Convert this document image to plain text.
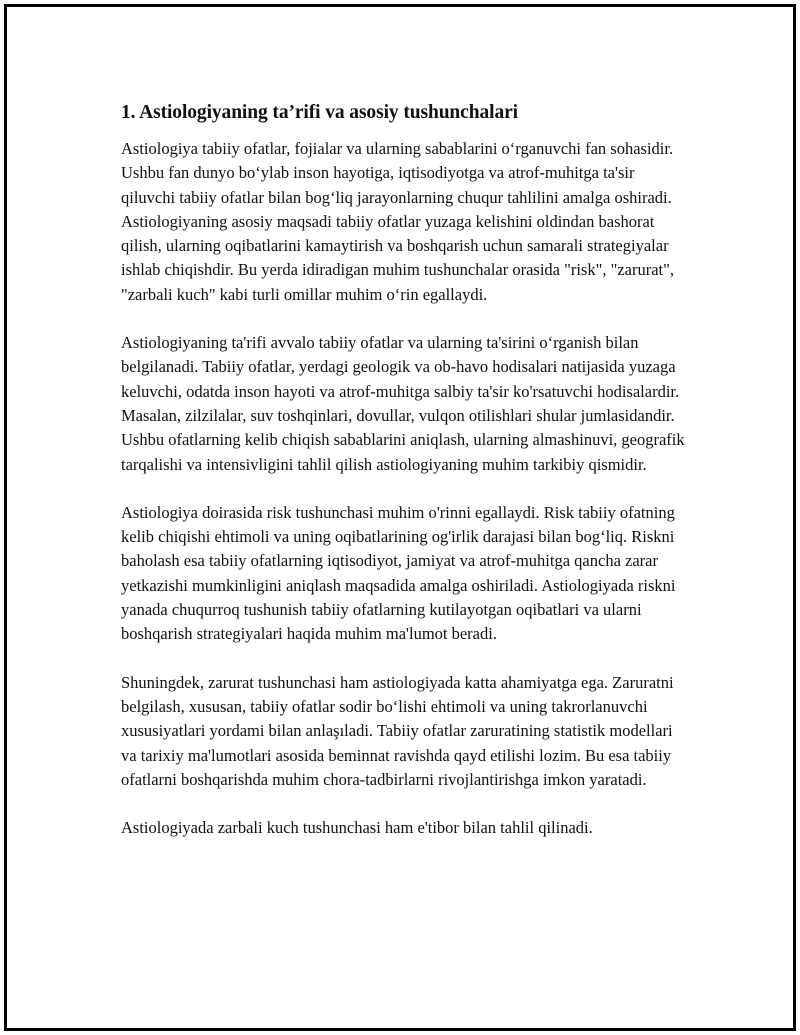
1. Astiologiyaning ta’rifi va asosiy tushunchalari

Astiologiya tabiiy ofatlar, fojialar va ularning sabablarini o‘rganuvchi fan sohasidir. Ushbu fan dunyo bo‘ylab inson hayotiga, iqtisodiyotga va atrof-muhitga ta'sir qiluvchi tabiiy ofatlar bilan bog‘liq jarayonlarning chuqur tahlilini amalga oshiradi. Astiologiyaning asosiy maqsadi tabiiy ofatlar yuzaga kelishini oldindan bashorat qilish, ularning oqibatlarini kamaytirish va boshqarish uchun samarali strategiyalar ishlab chiqishdir. Bu yerda idiradigan muhim tushunchalar orasida "risk", "zarurat", "zarbali kuch" kabi turli omillar muhim o‘rin egallaydi.

Astiologiyaning ta'rifi avvalo tabiiy ofatlar va ularning ta'sirini o‘rganish bilan belgilanadi. Tabiiy ofatlar, yerdagi geologik va ob-havo hodisalari natijasida yuzaga keluvchi, odatda inson hayoti va atrof-muhitga salbiy ta'sir ko'rsatuvchi hodisalardir. Masalan, zilzilalar, suv toshqinlari, dovullar, vulqon otilishlari shular jumlasidandir. Ushbu ofatlarning kelib chiqish sabablarini aniqlash, ularning almashinuvi, geografik tarqalishi va intensivligini tahlil qilish astiologiyaning muhim tarkibiy qismidir.

Astiologiya doirasida risk tushunchasi muhim o'rinni egallaydi. Risk tabiiy ofatning kelib chiqishi ehtimoli va uning oqibatlarining og'irlik darajasi bilan bog‘liq. Riskni baholash esa tabiiy ofatlarning iqtisodiyot, jamiyat va atrof-muhitga qancha zarar yetkazishi mumkinligini aniqlash maqsadida amalga oshiriladi. Astiologiyada riskni yanada chuqurroq tushunish tabiiy ofatlarning kutilayotgan oqibatlari va ularni boshqarish strategiyalari haqida muhim ma'lumot beradi.

Shuningdek, zarurat tushunchasi ham astiologiyada katta ahamiyatga ega. Zaruratni belgilash, xususan, tabiiy ofatlar sodir bo‘lishi ehtimoli va uning takrorlanuvchi xususiyatlari yordami bilan anlaşıladi. Tabiiy ofatlar zaruratining statistik modellari va tarixiy ma'lumotlari asosida beminnat ravishda qayd etilishi lozim. Bu esa tabiiy ofatlarni boshqarishda muhim chora-tadbirlarni rivojlantirishga imkon yaratadi.

Astiologiyada zarbali kuch tushunchasi ham e'tibor bilan tahlil qilinadi.
